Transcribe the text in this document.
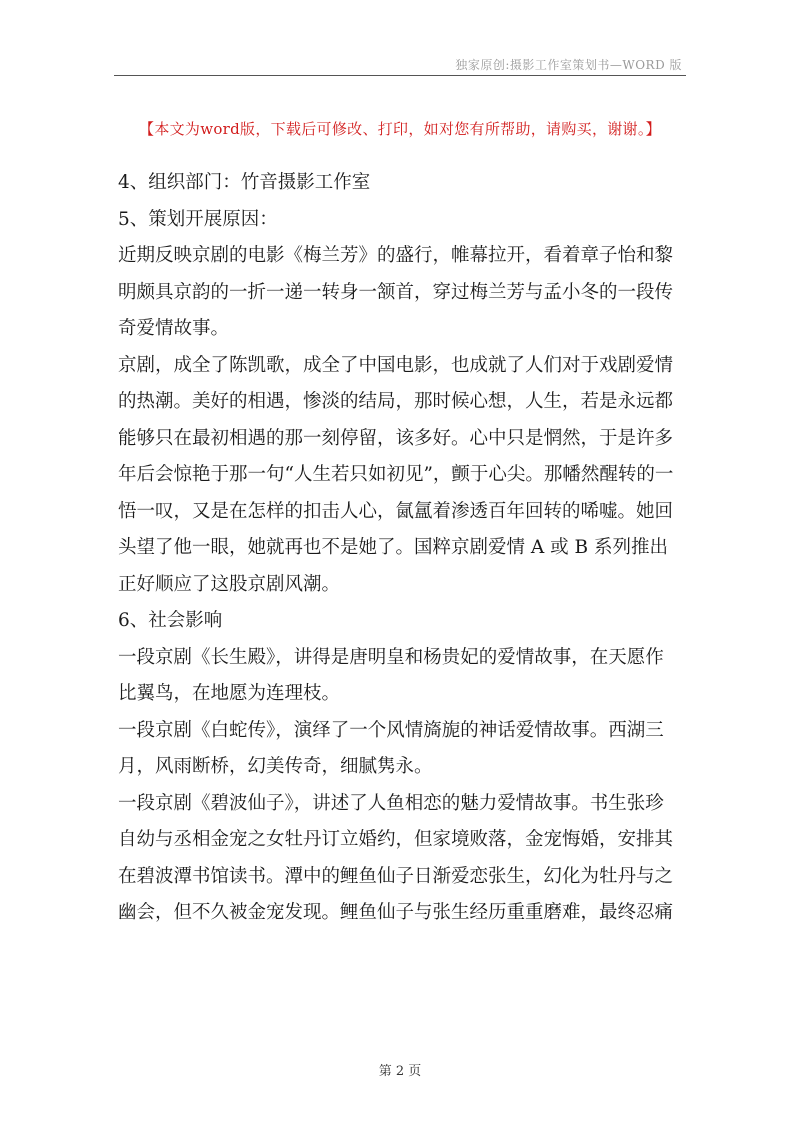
独家原创:摄影工作室策划书—WORD 版
【本文为word版，下载后可修改、打印，如对您有所帮助，请购买，谢谢。】

4、组织部门：竹音摄影工作室

5、策划开展原因：

近期反映京剧的电影《梅兰芳》的盛行，帷幕拉开，看着章子怡和黎明颇具京韵的一折一递一转身一颔首，穿过梅兰芳与孟小冬的一段传奇爱情故事。

京剧，成全了陈凯歌，成全了中国电影，也成就了人们对于戏剧爱情的热潮。美好的相遇，惨淡的结局，那时候心想，人生，若是永远都能够只在最初相遇的那一刻停留，该多好。心中只是惘然，于是许多年后会惊艳于那一句“人生若只如初见”，颤于心尖。那幡然醒转的一悟一叹，又是在怎样的扣击人心，氤氲着渗透百年回转的唏嘘。她回头望了他一眼，她就再也不是她了。国粹京剧爱情 A 或 B 系列推出正好顺应了这股京剧风潮。

6、社会影响

一段京剧《长生殿》，讲得是唐明皇和杨贵妃的爱情故事，在天愿作比翼鸟，在地愿为连理枝。

一段京剧《白蛇传》，演绎了一个风情旖旎的神话爱情故事。西湖三月，风雨断桥，幻美传奇，细腻隽永。

一段京剧《碧波仙子》，讲述了人鱼相恋的魅力爱情故事。书生张珍自幼与丞相金宠之女牡丹订立婚约，但家境败落，金宠悔婚，安排其在碧波潭书馆读书。潭中的鲤鱼仙子日渐爱恋张生，幻化为牡丹与之幽会，但不久被金宠发现。鲤鱼仙子与张生经历重重磨难，最终忍痛

第 2 页
